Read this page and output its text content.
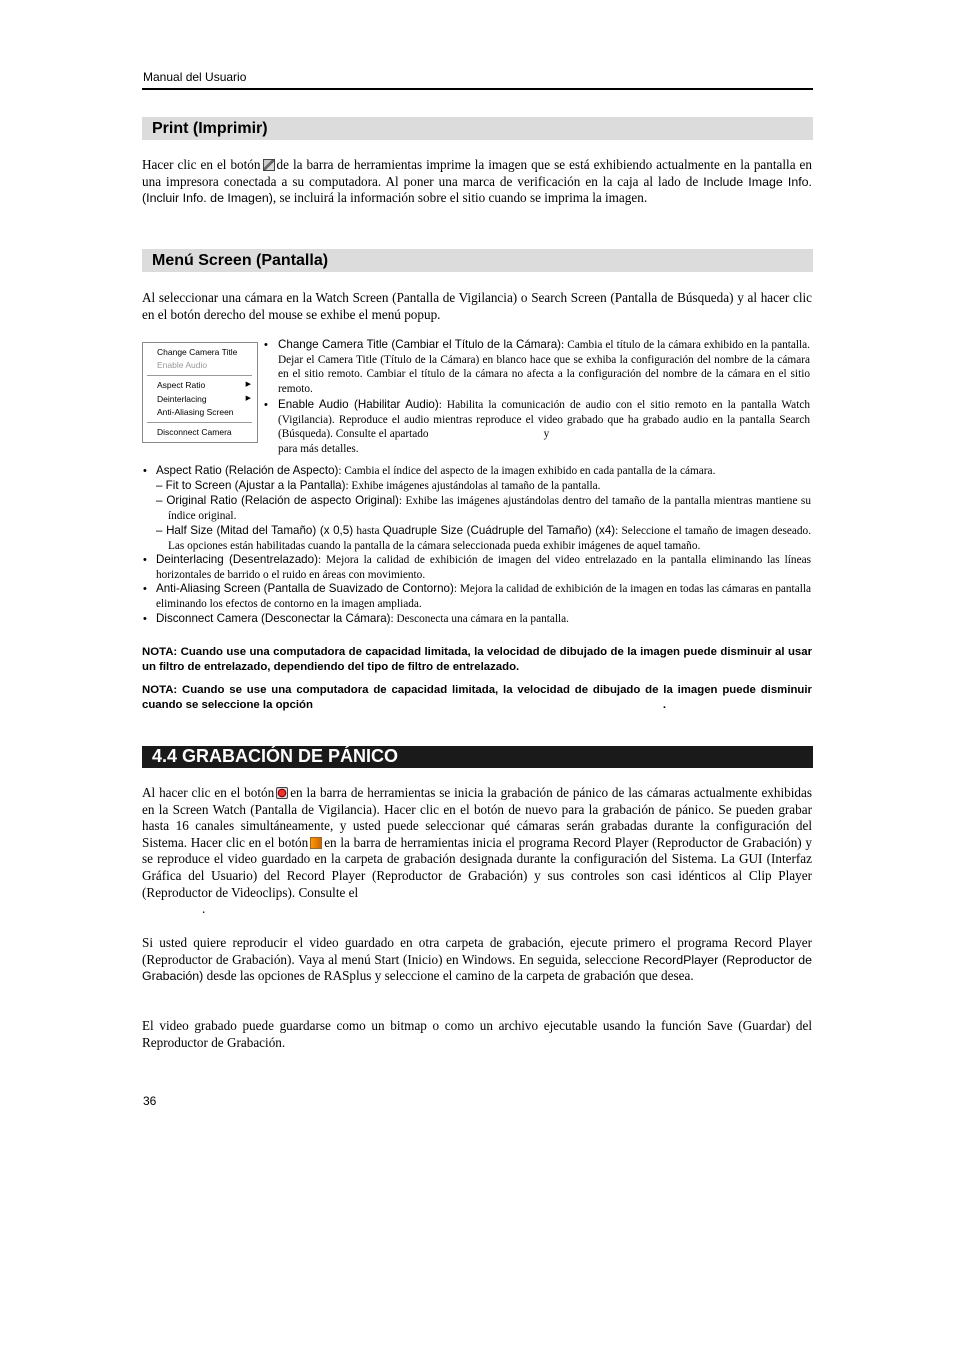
Manual del Usuario
Print (Imprimir)
Hacer clic en el botón de la barra de herramientas imprime la imagen que se está exhibiendo actualmente en la pantalla en una impresora conectada a su computadora. Al poner una marca de verificación en la caja al lado de Include Image Info. (Incluir Info. de Imagen), se incluirá la información sobre el sitio cuando se imprima la imagen.
Menú Screen (Pantalla)
Al seleccionar una cámara en la Watch Screen (Pantalla de Vigilancia) o Search Screen (Pantalla de Búsqueda) y al hacer clic en el botón derecho del mouse se exhibe el menú popup.
Change Camera Title
Enable Audio
Aspect Ratio	▶
Deinterlacing	▶
Anti-Aliasing Screen
Disconnect Camera
• Change Camera Title (Cambiar el Título de la Cámara): Cambia el título de la cámara exhibido en la pantalla. Dejar el Camera Title (Título de la Cámara) en blanco hace que se exhiba la configuración del nombre de la cámara en el sitio remoto. Cambiar el título de la cámara no afecta a la configuración del nombre de la cámara en el sitio remoto.
• Enable Audio (Habilitar Audio): Habilita la comunicación de audio con el sitio remoto en la pantalla Watch (Vigilancia). Reproduce el audio mientras reproduce el video grabado que ha grabado audio en la pantalla Search (Búsqueda). Consulte el apartado	y
para más detalles.
• Aspect Ratio (Relación de Aspecto): Cambia el índice del aspecto de la imagen exhibido en cada pantalla de la cámara.
– Fit to Screen (Ajustar a la Pantalla): Exhibe imágenes ajustándolas al tamaño de la pantalla.
– Original Ratio (Relación de aspecto Original): Exhibe las imágenes ajustándolas dentro del tamaño de la pantalla mientras mantiene su índice original.
– Half Size (Mitad del Tamaño) (x 0,5) hasta Quadruple Size (Cuádruple del Tamaño) (x4): Seleccione el tamaño de imagen deseado. Las opciones están habilitadas cuando la pantalla de la cámara seleccionada pueda exhibir imágenes de aquel tamaño.
• Deinterlacing (Desentrelazado): Mejora la calidad de exhibición de imagen del video entrelazado en la pantalla eliminando las líneas horizontales de barrido o el ruido en áreas con movimiento.
• Anti-Aliasing Screen (Pantalla de Suavizado de Contorno): Mejora la calidad de exhibición de la imagen en todas las cámaras en pantalla eliminando los efectos de contorno en la imagen ampliada.
• Disconnect Camera (Desconectar la Cámara): Desconecta una cámara en la pantalla.
NOTA: Cuando use una computadora de capacidad limitada, la velocidad de dibujado de la imagen puede disminuir al usar un filtro de entrelazado, dependiendo del tipo de filtro de entrelazado.
NOTA: Cuando se use una computadora de capacidad limitada, la velocidad de dibujado de la imagen puede disminuir cuando se seleccione la opción	.
4.4 GRABACIÓN DE PÁNICO
Al hacer clic en el botón en la barra de herramientas se inicia la grabación de pánico de las cámaras actualmente exhibidas en la Screen Watch (Pantalla de Vigilancia). Hacer clic en el botón de nuevo para la grabación de pánico. Se pueden grabar hasta 16 canales simultáneamente, y usted puede seleccionar qué cámaras serán grabadas durante la configuración del Sistema. Hacer clic en el botón en la barra de herramientas inicia el programa Record Player (Reproductor de Grabación) y se reproduce el video guardado en la carpeta de grabación designada durante la configuración del Sistema. La GUI (Interfaz Gráfica del Usuario) del Record Player (Reproductor de Grabación) y sus controles son casi idénticos al Clip Player (Reproductor de Videoclips). Consulte el
.
Si usted quiere reproducir el video guardado en otra carpeta de grabación, ejecute primero el programa Record Player (Reproductor de Grabación). Vaya al menú Start (Inicio) en Windows. En seguida, seleccione RecordPlayer (Reproductor de Grabación) desde las opciones de RASplus y seleccione el camino de la carpeta de grabación que desea.
El video grabado puede guardarse como un bitmap o como un archivo ejecutable usando la función Save (Guardar) del Reproductor de Grabación.
36
